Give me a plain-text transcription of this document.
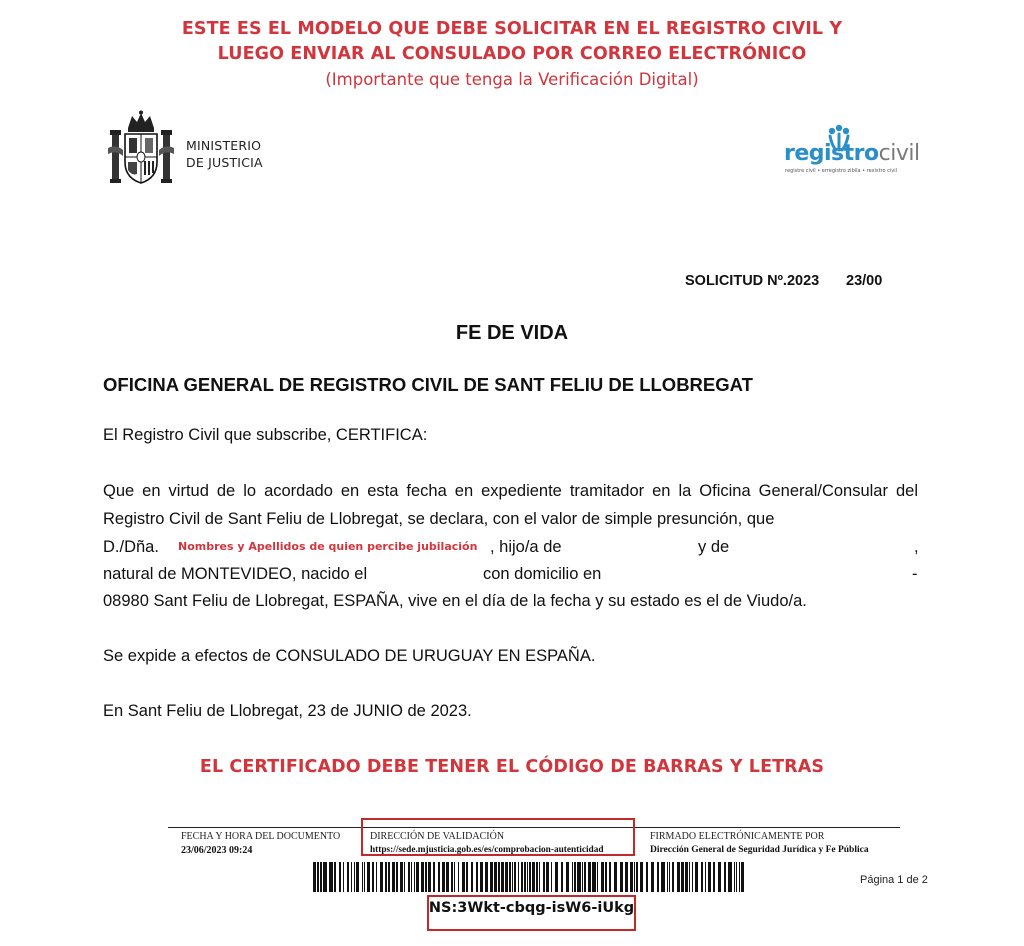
ESTE ES EL MODELO QUE DEBE SOLICITAR EN EL REGISTRO CIVIL Y
LUEGO ENVIAR AL CONSULADO POR CORREO ELECTRÓNICO
(Importante que tenga la Verificación Digital)
MINISTERIO
DE JUSTICIA	registrocivil
registre civil • erregistro zibila • rexistro civil
SOLICITUD Nº.2023 23/00
FE DE VIDA
OFICINA GENERAL DE REGISTRO CIVIL DE SANT FELIU DE LLOBREGAT
El Registro Civil que subscribe, CERTIFICA:
Que en virtud de lo acordado en esta fecha en expediente tramitador en la Oficina General/Consular del
Registro Civil de Sant Feliu de Llobregat, se declara, con el valor de simple presunción, que
D./Dña. Nombres y Apellidos de quien percibe jubilación , hijo/a de	y de	,
natural de MONTEVIDEO, nacido el	con domicilio en	-
08980 Sant Feliu de Llobregat, ESPAÑA, vive en el día de la fecha y su estado es el de Viudo/a.
Se expide a efectos de CONSULADO DE URUGUAY EN ESPAÑA.
En Sant Feliu de Llobregat, 23 de JUNIO de 2023.
EL CERTIFICADO DEBE TENER EL CÓDIGO DE BARRAS Y LETRAS
FECHA Y HORA DEL DOCUMENTO
23/06/2023 09:24
DIRECCIÓN DE VALIDACIÓN
https://sede.mjusticia.gob.es/es/comprobacion-autenticidad
FIRMADO ELECTRÓNICAMENTE POR
Dirección General de Seguridad Jurídica y Fe Pública
Página 1 de 2
NS:3Wkt-cbqg-isW6-iUkg
